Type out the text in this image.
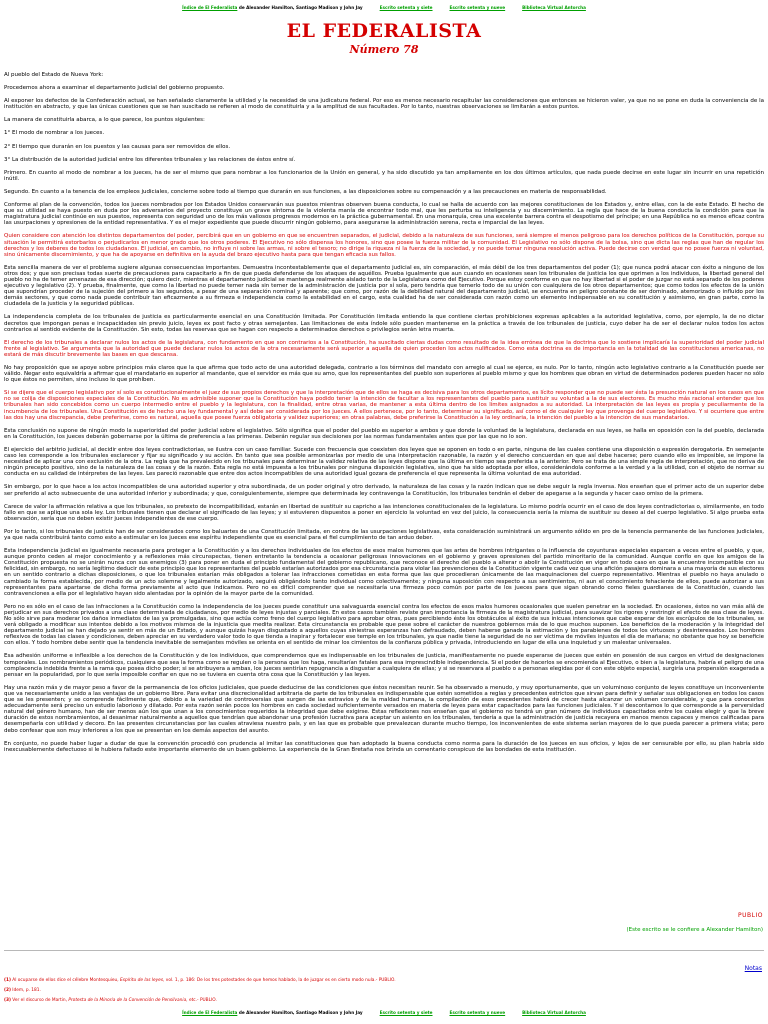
Índice de El Federalista de Alexander Hamilton, Santiago Madison y John Jay	Escrito setenta y siete	Escrito setenta y nueve	Biblioteca Virtual Antorcha
EL FEDERALISTA
Número 78

Al pueblo del Estado de Nueva York:

Procedemos ahora a examinar el departamento judicial del gobierno propuesto.

Al exponer los defectos de la Confederación actual, se han señalado claramente la utilidad y la necesidad de una judicatura federal. Por eso es menos necesario recapitular las consideraciones que entonces se hicieron valer, ya que no se pone en duda la conveniencia de la institución en abstracto, y que las únicas cuestiones que se han suscitado se refieren al modo de constituirla y a la amplitud de sus facultades. Por lo tanto, nuestras observaciones se limitarán a estos puntos.

La manera de constituirla abarca, a lo que parece, los puntos siguientes:

1° El modo de nombrar a los jueces.

2° El tiempo que durarán en los puestos y las causas para ser removidos de ellos.

3° La distribución de la autoridad judicial entre los diferentes tribunales y las relaciones de éstos entre sí.

Primero. En cuanto al modo de nombrar a los jueces, ha de ser el mismo que para nombrar a los funcionarios de la Unión en general, y ha sido discutido ya tan ampliamente en los dos últimos artículos, que nada puede decirse en este lugar sin incurrir en una repetición inútil.

Segundo. En cuanto a la tenencia de los empleos judiciales, concierne sobre todo al tiempo que durarán en sus funciones, a las disposiciones sobre su compensación y a las precauciones en materia de responsabilidad.

Conforme al plan de la convención, todos los jueces nombrados por los Estados Unidos conservarán sus puestos mientras observen buena conducta, lo cual se halla de acuerdo con las mejores constituciones de los Estados y, entre ellas, con la de este Estado. El hecho de que su utilidad se haya puesto en duda por los adversarios del proyecto constituye un grave síntoma de la violenta manía de encontrar todo mal, que les perturba su inteligencia y su discernimiento. La regla que hace de la buena conducta la condición para que la magistratura judicial continúe en sus puestos, representa con seguridad uno de los más valiosos progresos modernos en la práctica gubernamental. En una monarquía, crea una excelente barrera contra el despotismo del príncipe; en una República no es menos eficaz contra las usurpaciones y opresiones de la entidad representativa. Y es el mejor expediente que puede discurrir ningún gobierno, para asegurarse la administración serena, recta e imparcial de las leyes.

Quien considere con atención los distintos departamentos del poder, percibirá que en un gobierno en que se encuentren separados, el judicial, debido a la naturaleza de sus funciones, será siempre el menos peligroso para los derechos políticos de la Constitución, porque su situación le permitirá estorbarlos o perjudicarlos en menor grado que los otros poderes. El Ejecutivo no sólo dispensa los honores, sino que posee la fuerza militar de la comunidad. El Legislativo no sólo dispone de la bolsa, sino que dicta las reglas que han de regular los derechos y los deberes de todos los ciudadanos. El judicial, en cambio, no influye ni sobre las armas, ni sobre el tesoro; no dirige la riqueza ni la fuerza de la sociedad, y no puede tomar ninguna resolución activa. Puede decirse con verdad que no posee fuerza ni voluntad, sino únicamente discernimiento, y que ha de apoyarse en definitiva en la ayuda del brazo ejecutivo hasta para que tengan eficacia sus fallos.

Esta sencilla manera de ver el problema sugiere algunas consecuencias importantes. Demuestra incontestablemente que el departamento judicial es, sin comparación, el más débil de los tres departamentos del poder (1); que nunca podrá atacar con éxito a ninguno de los otros dos; y que son precisas todas suerte de precauciones para capacitarlo a fin de que pueda defenderse de los ataques de aquéllos. Prueba igualmente que aun cuando en ocasiones sean los tribunales de justicia los que oprimen a los individuos, la libertad general del pueblo no ha de temer amenazas de esa dirección; quiero decir, mientras el departamento judicial se mantenga realmente aislado tanto de la Legislatura como del Ejecutivo. Porque estoy conforme en que no hay libertad si el poder de juzgar no está separado de los poderes ejecutivo y legislativo (2). Y prueba, finalmente, que como la libertad no puede temer nada sin temer de la administración de justicia por sí sola, pero tendría que temerlo todo de su unión con cualquiera de los otros departamentos; que como todos los efectos de la unión que supondrían proceder de la sujeción del primero a los segundos, a pesar de una separación nominal y aparente; que como, por razón de la debilidad natural del departamento judicial, se encuentra en peligro constante de ser dominado, atemorizado o influido por los demás sectores, y que como nada puede contribuir tan eficazmente a su firmeza e independencia como la estabilidad en el cargo, esta cualidad ha de ser considerada con razón como un elemento indispensable en su constitución y asimismo, en gran parte, como la ciudadela de la justicia y la seguridad públicas.

La independencia completa de los tribunales de justicia es particularmente esencial en una Constitución limitada. Por Constitución limitada entiendo la que contiene ciertas prohibiciones expresas aplicables a la autoridad legislativa, como, por ejemplo, la de no dictar decretos que impongan penas e incapacidades sin previo juicio, leyes ex post facto y otras semejantes. Las limitaciones de esta índole sólo pueden mantenerse en la práctica a través de los tribunales de justicia, cuyo deber ha de ser el declarar nulos todos los actos contrarios al sentido evidente de la Constitución. Sin esto, todas las reservas que se hagan con respecto a determinados derechos o privilegios serán letra muerta.

El derecho de los tribunales a declarar nulos los actos de la legislatura, con fundamento en que son contrarios a la Constitución, ha suscitado ciertas dudas como resultado de la idea errónea de que la doctrina que lo sostiene implicaría la superioridad del poder judicial frente al legislativo. Se argumenta que la autoridad que puede declarar nulos los actos de la otra necesariamente será superior a aquella de quien proceden los actos nulificados. Como esta doctrina es de importancia en la totalidad de las constituciones americanas, no estará de más discutir brevemente las bases en que descansa.

No hay proposición que se apoye sobre principios más claros que la que afirma que todo acto de una autoridad delegada, contrario a los términos del mandato con arreglo al cual se ejerce, es nulo. Por lo tanto, ningún acto legislativo contrario a la Constitución puede ser válido. Negar esto equivaldría a afirmar que el mandatario es superior al mandante, que el servidor es más que su amo, que los representantes del pueblo son superiores al pueblo mismo y que los hombres que obran en virtud de determinados poderes pueden hacer no sólo lo que éstos no permiten, sino incluso lo que prohíben.

Si se dijere que el cuerpo legislativo por sí solo es constitucionalmente el juez de sus propios derechos y que la interpretación que de ellos se haga es decisiva para los otros departamentos, es lícito responder que no puede ser ésta la presunción natural en los casos en que no se colija de disposiciones especiales de la Constitución. No es admisible suponer que la Constitución haya podido tener la intención de facultar a los representantes del pueblo para sustituir su voluntad a la de sus electores. Es mucho más racional entender que los tribunales han sido concebidos como un cuerpo intermedio entre el pueblo y la legislatura, con la finalidad, entre otras varias, de mantener a esta última dentro de los límites asignados a su autoridad. La interpretación de las leyes es propia y peculiarmente de la incumbencia de los tribunales. Una Constitución es de hecho una ley fundamental y así debe ser considerada por los jueces. A ellos pertenece, por lo tanto, determinar su significado, así como el de cualquier ley que provenga del cuerpo legislativo. Y si ocurriere que entre las dos hay una discrepancia, debe preferirse, como es natural, aquella que posee fuerza obligatoria y validez superiores; en otras palabras, debe preferirse la Constitución a la ley ordinaria, la intención del pueblo a la intención de sus mandatarios.

Esta conclusión no supone de ningún modo la superioridad del poder judicial sobre el legislativo. Sólo significa que el poder del pueblo es superior a ambos y que donde la voluntad de la legislatura, declarada en sus leyes, se halla en oposición con la del pueblo, declarada en la Constitución, los jueces deberán gobernarse por la última de preferencia a las primeras. Deberán regular sus decisiones por las normas fundamentales antes que por las que no lo son.

El ejercicio del arbitrio judicial, al decidir entre dos leyes contradictorias, se ilustra con un caso familiar. Sucede con frecuencia que coexisten dos leyes que se oponen en todo o en parte, ninguna de las cuales contiene una disposición o expresión derogatoria. En semejante caso les corresponde a los tribunales esclarecer y fijar su significado y su acción. En tanto que sea posible armonizarlas por medio de una interpretación razonable, la razón y el derecho concuerdan en que así debe hacerse; pero cuando ello es imposible, se impone la necesidad de aplicar una con exclusión de la otra. La regla que ha prevalecido en los tribunales para determinar la validez relativa de las leyes dispone que la última en tiempo sea preferida a la anterior. Pero se trata de una simple regla de interpretación, que no deriva de ningún precepto positivo, sino de la naturaleza de las cosas y de la razón. Esta regla no está impuesta a los tribunales por ninguna disposición legislativa, sino que ha sido adoptada por ellos, considerándola conforme a la verdad y a la utilidad, con el objeto de normar su conducta en su calidad de intérpretes de las leyes. Les pareció razonable que entre dos actos incompatibles de una autoridad igual gozara de preferencia el que representa la última voluntad de esa autoridad.

Sin embargo, por lo que hace a los actos incompatibles de una autoridad superior y otra subordinada, de un poder original y otro derivado, la naturaleza de las cosas y la razón indican que se debe seguir la regla inversa. Nos enseñan que el primer acto de un superior debe ser preferido al acto subsecuente de una autoridad inferior y subordinada; y que, consiguientemente, siempre que determinada ley contravenga la Constitución, los tribunales tendrán el deber de apegarse a la segunda y hacer caso omiso de la primera.

Carece de valor la afirmación relativa a que los tribunales, so pretexto de incompatibilidad, estarán en libertad de sustituir su capricho a las intenciones constitucionales de la legislatura. Lo mismo podría ocurrir en el caso de dos leyes contradictorias o, similarmente, en todo fallo en que se aplique una sola ley. Los tribunales tienen que declarar el significado de las leyes; y si estuvieren dispuestos a poner en ejercicio la voluntad en vez del juicio, la consecuencia sería la misma de sustituir su deseo al del cuerpo legislativo. Si algo prueba esta observación, sería que no deben existir jueces independientes de ese cuerpo.

Por lo tanto, si los tribunales de justicia han de ser considerados como los baluartes de una Constitución limitada, en contra de las usurpaciones legislativas, esta consideración suministrará un argumento sólido en pro de la tenencia permanente de las funciones judiciales, ya que nada contribuirá tanto como esto a estimular en los jueces ese espíritu independiente que es esencial para el fiel cumplimiento de tan arduo deber.

Esta independencia judicial es igualmente necesaria para proteger a la Constitución y a los derechos individuales de los efectos de esos malos humores que las artes de hombres intrigantes o la influencia de coyunturas especiales esparcen a veces entre el pueblo, y que, aunque pronto ceden al mejor conocimiento y a reflexiones más circunspectas, tienen entretanto la tendencia a ocasionar peligrosas innovaciones en el gobierno y graves opresiones del partido minoritario de la comunidad. Aunque confío en que los amigos de la Constitución propuesta no se unirán nunca con sus enemigos (3) para poner en duda el principio fundamental del gobierno republicano, que reconoce el derecho del pueblo a alterar o abolir la Constitución en vigor en todo caso en que la encuentre incompatible con su felicidad, sin embargo, no sería legítimo deducir de este principio que los representantes del pueblo estarían autorizados por esa circunstancia para violar las prevenciones de la Constitución vigente cada vez que una afición pasajera dominara a una mayoría de sus electores en un sentido contrario a dichas disposiciones, o que los tribunales estarían más obligados a tolerar las infracciones cometidas en esta forma que las que procedieran únicamente de las maquinaciones del cuerpo representativo. Mientras el pueblo no haya anulado o cambiado la forma establecida, por medio de un acto solemne y legalmente autorizado, seguirá obligándolo tanto individual como colectivamente; y ninguna suposición con respecto a sus sentimientos, ni aun el conocimiento fehaciente de ellos, puede autorizar a sus representantes para apartarse de dicha forma previamente al acto que indicamos. Pero no es difícil comprender que se necesitaría una firmeza poco común por parte de los jueces para que sigan obrando como fieles guardianes de la Constitución, cuando las contravenciones a ella por el legislativo hayan sido alentadas por la opinión de la mayor parte de la comunidad.

Pero no es sólo en el caso de las infracciones a la Constitución como la independencia de los jueces puede constituir una salvaguarda esencial contra los efectos de esos malos humores ocasionales que suelen penetrar en la sociedad. En ocasiones, éstos no van más allá de perjudicar en sus derechos privados a una clase determinada de ciudadanos, por medio de leyes injustas y parciales. En estos casos también reviste gran importancia la firmeza de la magistratura judicial, para suavizar los rigores y restringir el efecto de esa clase de leyes. No sólo sirve para moderar los daños inmediatos de las ya promulgadas, sino que actúa como freno del cuerpo legislativo para aprobar otras, pues percibiendo éste los obstáculos al éxito de sus inicuas intenciones que cabe esperar de los escrúpulos de los tribunales, se verá obligado a modificar sus intentos debido a los motivos mismos de la injusticia que medita realizar. Esta circunstancia es probable que pese sobre el carácter de nuestros gobiernos más de lo que muchos suponen. Los beneficios de la moderación y la integridad del departamento judicial se han dejado ya sentir en más de un Estado, y aunque quizás hayan disgustado a aquellos cuyas siniestras esperanzas han defraudado, deben haberse ganado la estimación y los parabienes de todos los virtuosos y desinteresados. Los hombres reflexivos de todas las clases y condiciones, deben apreciar en su verdadero valor todo lo que tienda a inspirar y fortalecer ese temple en los tribunales, ya que nadie tiene la seguridad de no ser víctima de móviles injustos el día de mañana; no obstante que hoy se beneficie con ellos. Y todo hombre debe sentir que la tendencia inevitable de semejantes móviles se orienta en el sentido de minar los cimientos de la confianza pública y privada, introduciendo en lugar de ella una inquietud y un malestar universales.

Esa adhesión uniforme e inflexible a los derechos de la Constitución y de los individuos, que comprendemos que es indispensable en los tribunales de justicia, manifiestamente no puede esperarse de jueces que estén en posesión de sus cargos en virtud de designaciones temporales. Los nombramientos periódicos, cualquiera que sea la forma como se regulen o la persona que los haga, resultarían fatales para esa imprescindible independencia. Si el poder de hacerlos se encomienda al Ejecutivo, o bien a la legislatura, habría el peligro de una complacencia indebida frente a la rama que posea dicho poder; si se atribuyera a ambas, los jueces sentirían repugnancia a disgustar a cualquiera de ellas; y si se reservara al pueblo o a personas elegidas por él con este objeto especial, surgiría una propensión exagerada a pensar en la popularidad, por lo que sería imposible confiar en que no se tuviera en cuenta otra cosa que la Constitución y las leyes.

Hay una razón más y de mayor peso a favor de la permanencia de los oficios judiciales, que puede deducirse de las condiciones que éstos necesitan reunir. Se ha observado a menudo, y muy oportunamente, que un voluminoso conjunto de leyes constituye un inconveniente que va necesariamente unido a las ventajas de un gobierno libre. Para evitar una discrecionalidad arbitraria de parte de los tribunales es indispensable que estén sometidos a reglas y precedentes estrictos que sirvan para definir y señalar sus obligaciones en todos los casos que se les presenten; y se comprende fácilmente que, debido a la variedad de controversias que surgen de las extravíos y de la maldad humana, la compilación de esos precedentes habrá de crecer hasta alcanzar un volumen considerable, y que para conocerlos adecuadamente será preciso un estudio laborioso y dilatado. Por esta razón serán pocos los hombres en cada sociedad suficientemente versados en materia de leyes para estar capacitados para las funciones judiciales. Y si descontamos lo que corresponde a la perversidad natural del género humano, han de ser menos aún los que unan a los conocimientos requeridos la integridad que debe exigirse. Estas reflexiones nos enseñan que el gobierno no tendrá un gran número de individuos capacitados entre los cuales elegir y que la breve duración de estos nombramientos, al desanimar naturalmente a aquellos que tendrían que abandonar una profesión lucrativa para aceptar un asiento en los tribunales, tendería a que la administración de justicia recayera en manos menos capaces y menos calificadas para desempeñarla con utilidad y decoro. En las presentes circunstancias por las cuales atraviesa nuestro país, y en las que es probable que prevalezcan durante mucho tiempo, los inconvenientes de este sistema serían mayores de lo que pueda parecer a primera vista; pero debo confesar que son muy inferiores a los que se presentan en los demás aspectos del asunto.

En conjunto, no puede haber lugar a dudar de que la convención procedió con prudencia al imitar las constituciones que han adoptado la buena conducta como norma para la duración de los jueces en sus oficios, y lejos de ser censurable por ello, su plan habría sido inexcusablemente defectuoso si le hubiera faltado este importante elemento de un buen gobierno. La experiencia de la Gran Bretaña nos brinda un comentario conspicuo de las bondades de esta institución.

PUBLIO
(Este escrito se le confiere a Alexander Hamilton)
Notas
(1) Al ocuparse de ellos dice el célebre Montesquieu, Espíritu de las leyes, vol. 1, p. 186: De los tres potestades de que hemos hablado, la de juzgar es en cierto modo nula.- PUBLIO.
(2) Idem, p. 181.
(3) Ver el discurso de Martin, Protesta de la Minoría de la Convención de Pensilvania, etc.- PUBLIO.
Índice de El Federalista de Alexander Hamilton, Santiago Madison y John Jay	Escrito setenta y siete	Escrito setenta y nueve	Biblioteca Virtual Antorcha
